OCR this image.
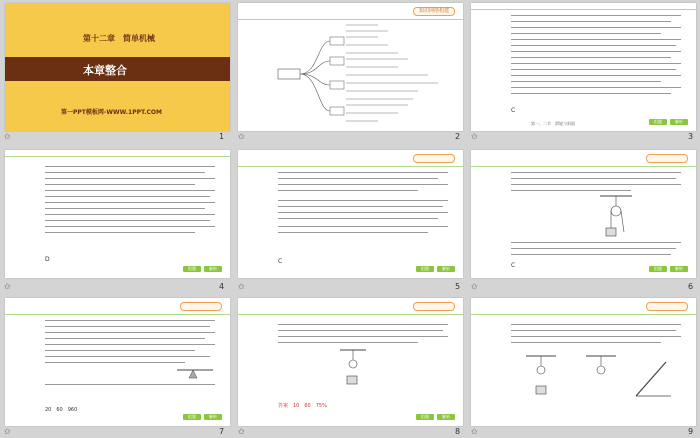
第十二章　简单机械
本章整合
第一PPT模板网-WWW.1PPT.COM
1
✩
知识网络构建
2
✩
C
第一、二节　滑轮与斜面	组题	解析
3
✩
D
组题	解析
4
✩
C
组题	解析
5
✩
C	组题	解析
6
✩
20　60　960
组题	解析
7
✩
答案　10　60　75%
组题	解析
8
✩	9
✩
